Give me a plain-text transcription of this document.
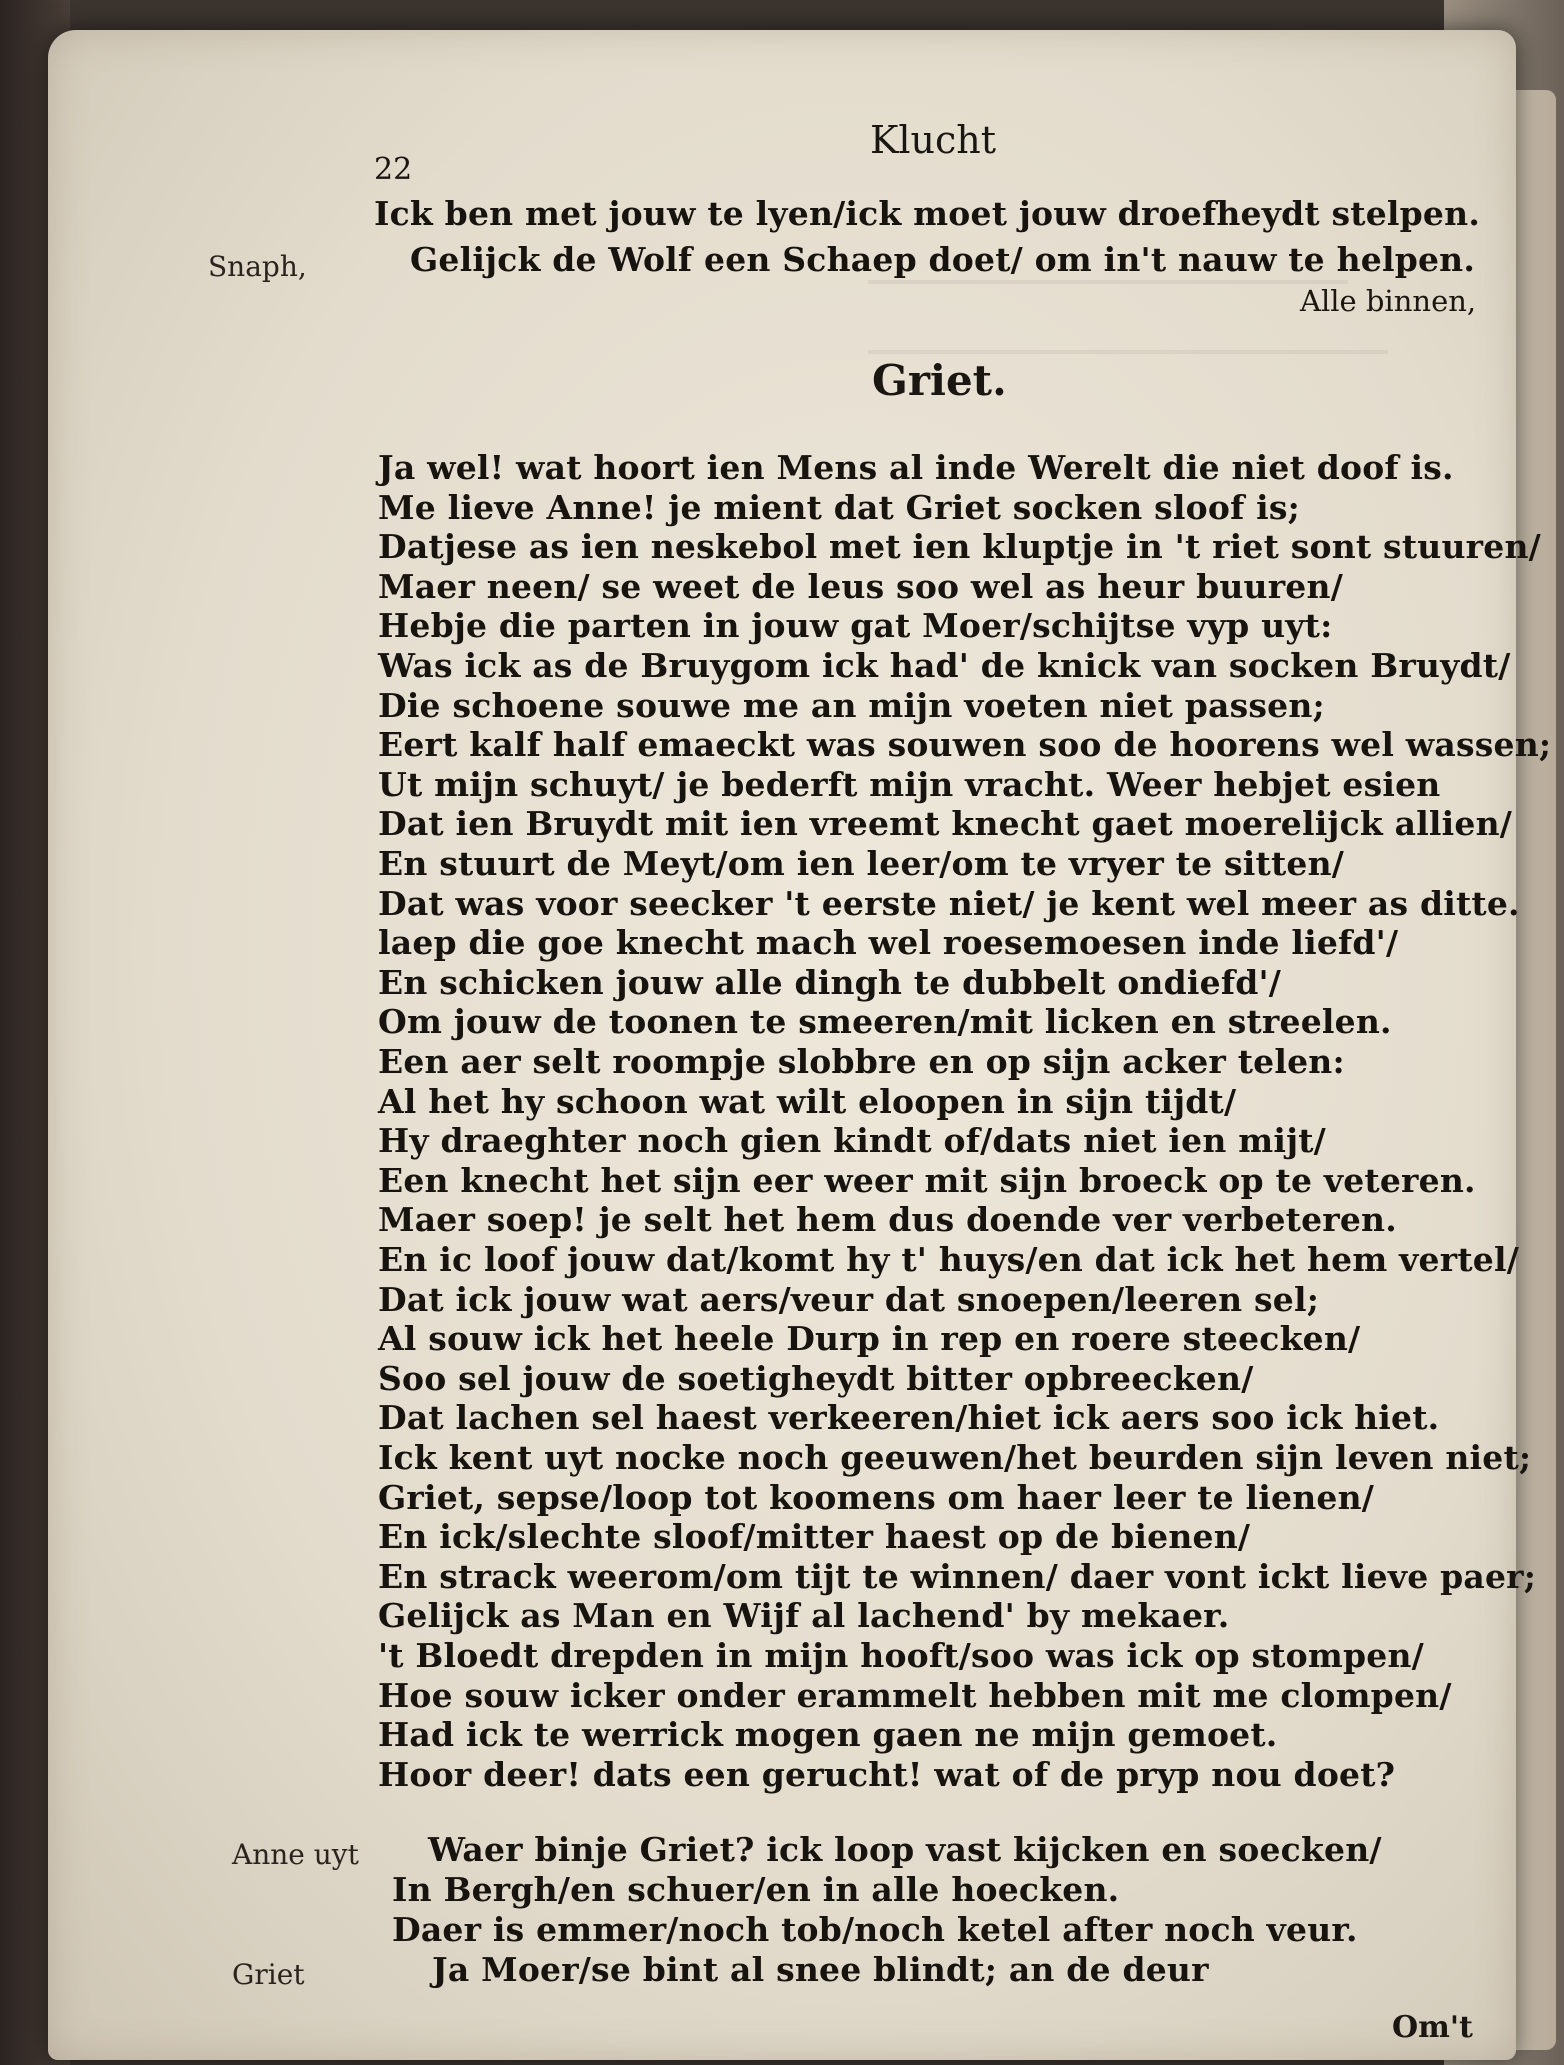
Klucht
22
Ick ben met jouw te lyen/ick moet jouw droefheydt stelpen.
Snaph,	Gelijck de Wolf een Schaep doet/ om in't nauw te helpen.
Alle binnen,
Griet.
Ja wel! wat hoort ien Mens al inde Werelt die niet doof is.
Me lieve Anne! je mient dat Griet socken sloof is;
Datjese as ien neskebol met ien kluptje in 't riet sont stuuren/
Maer neen/ se weet de leus soo wel as heur buuren/
Hebje die parten in jouw gat Moer/schijtse vyp uyt:
Was ick as de Bruygom ick had' de knick van socken Bruydt/
Die schoene souwe me an mijn voeten niet passen;
Eert kalf half emaeckt was souwen soo de hoorens wel wassen;
Ut mijn schuyt/ je bederft mijn vracht. Weer hebjet esien
Dat ien Bruydt mit ien vreemt knecht gaet moerelijck allien/
En stuurt de Meyt/om ien leer/om te vryer te sitten/
Dat was voor seecker 't eerste niet/ je kent wel meer as ditte.
laep die goe knecht mach wel roesemoesen inde liefd'/
En schicken jouw alle dingh te dubbelt ondiefd'/
Om jouw de toonen te smeeren/mit licken en streelen.
Een aer selt roompje slobbre en op sijn acker telen:
Al het hy schoon wat wilt eloopen in sijn tijdt/
Hy draeghter noch gien kindt of/dats niet ien mijt/
Een knecht het sijn eer weer mit sijn broeck op te veteren.
Maer soep! je selt het hem dus doende ver verbeteren.
En ic loof jouw dat/komt hy t' huys/en dat ick het hem vertel/
Dat ick jouw wat aers/veur dat snoepen/leeren sel;
Al souw ick het heele Durp in rep en roere steecken/
Soo sel jouw de soetigheydt bitter opbreecken/
Dat lachen sel haest verkeeren/hiet ick aers soo ick hiet.
Ick kent uyt nocke noch geeuwen/het beurden sijn leven niet;
Griet, sepse/loop tot koomens om haer leer te lienen/
En ick/slechte sloof/mitter haest op de bienen/
En strack weerom/om tijt te winnen/ daer vont ickt lieve paer;
Gelijck as Man en Wijf al lachend' by mekaer.
't Bloedt drepden in mijn hooft/soo was ick op stompen/
Hoe souw icker onder erammelt hebben mit me clompen/
Had ick te werrick mogen gaen ne mijn gemoet.
Hoor deer! dats een gerucht! wat of de pryp nou doet?
Anne uyt Waer binje Griet? ick loop vast kijcken en soecken/
In Bergh/en schuer/en in alle hoecken.
Daer is emmer/noch tob/noch ketel after noch veur.
Griet	Ja Moer/se bint al snee blindt; an de deur
Om't
